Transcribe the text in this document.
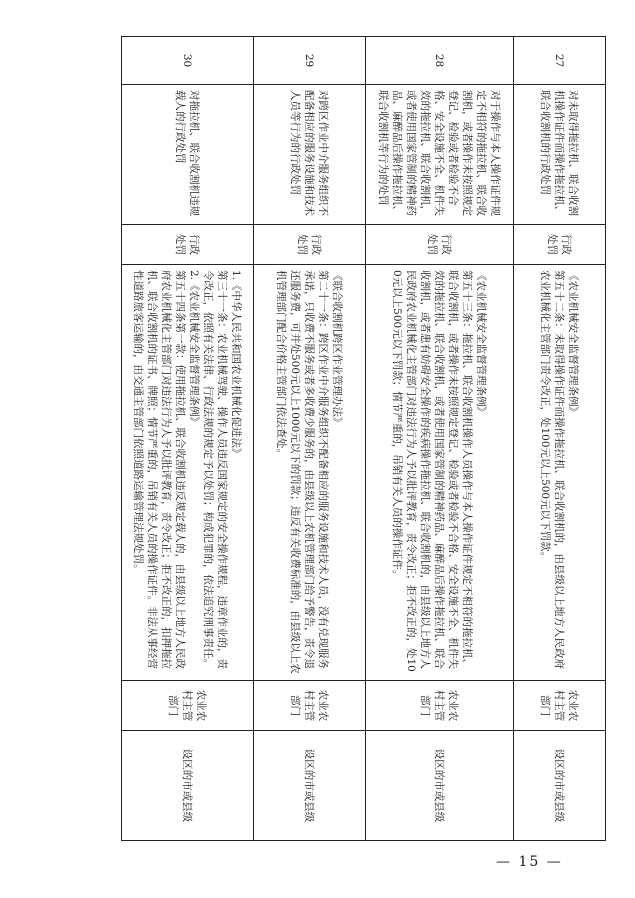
27	对未取得拖拉机、联合收割机操作证件而操作拖拉机、联合收割机的行政处罚	行政处罚	《农业机械安全监督管理条例》
第五十二条：未取得操作证件而操作拖拉机、联合收割机的，由县级以上地方人民政府农业机械化主管部门责令改正，处100元以上500元以下罚款。	农业农村主管部门	设区的市或县级
28	对于操作与本人操作证件规定不相符的拖拉机、联合收割机，或者操作未按照规定登记、检验或者检验不合格、安全设施不全、机件失效的拖拉机、联合收割机，或者使用国家管制的精神药品、麻醉品后操作拖拉机、联合收割机等行为的处罚	行政处罚	《农业机械安全监督管理条例》
第五十三条：拖拉机、联合收割机操作人员操作与本人操作证件规定不相符的拖拉机、联合收割机，或者操作未按照规定登记、检验或者检验不合格、安全设施不全、机件失效的拖拉机、联合收割机，或者使用国家管制的精神药品、麻醉品后操作拖拉机、联合收割机，或者患有妨碍安全操作的疾病操作拖拉机、联合收割机的，由县级以上地方人民政府农业机械化主管部门对违法行为人予以批评教育，责令改正；拒不改正的，处100元以上500元以下罚款；情节严重的，吊销有关人员的操作证件。	农业农村主管部门	设区的市或县级
29	对跨区作业中介服务组织不配备相应的服务设施和技术人员等行为的行政处罚	行政处罚	《联合收割机跨区作业管理办法》
第二十一条：跨区作业中介服务组织不配备相应的服务设施和技术人员，没有兑现服务承诺，只收费不服务或者多收费少服务的，由县级以上农机管理部门给予警告，责令退还服务费，可并处500元以上1000元以下的罚款；违反有关收费标准的，由县级以上农机管理部门配合价格主管部门依法查处。	农业农村主管部门	设区的市或县级
30	对拖拉机、联合收割机违规载人的行政处罚	行政处罚	1.《中华人民共和国农业机械化促进法》
第三十一条：农业机械驾驶、操作人员违反国家规定的安全操作规程，违章作业的，责令改正，依照有关法律、行政法规的规定予以处罚；构成犯罪的，依法追究刑事责任。
2.《农业机械安全监督管理条例》
第五十四条第一款：使用拖拉机、联合收割机违反规定载人的，由县级以上地方人民政府农业机械化主管部门对违法行为人予以批评教育，责令改正；拒不改正的，扣押拖拉机、联合收割机的证书、牌照；情节严重的，吊销有关人员的操作证件。非法从事经营性道路旅客运输的，由交通主管部门依照道路运输管理法规处罚。	农业农村主管部门	设区的市或县级
— 15 —
